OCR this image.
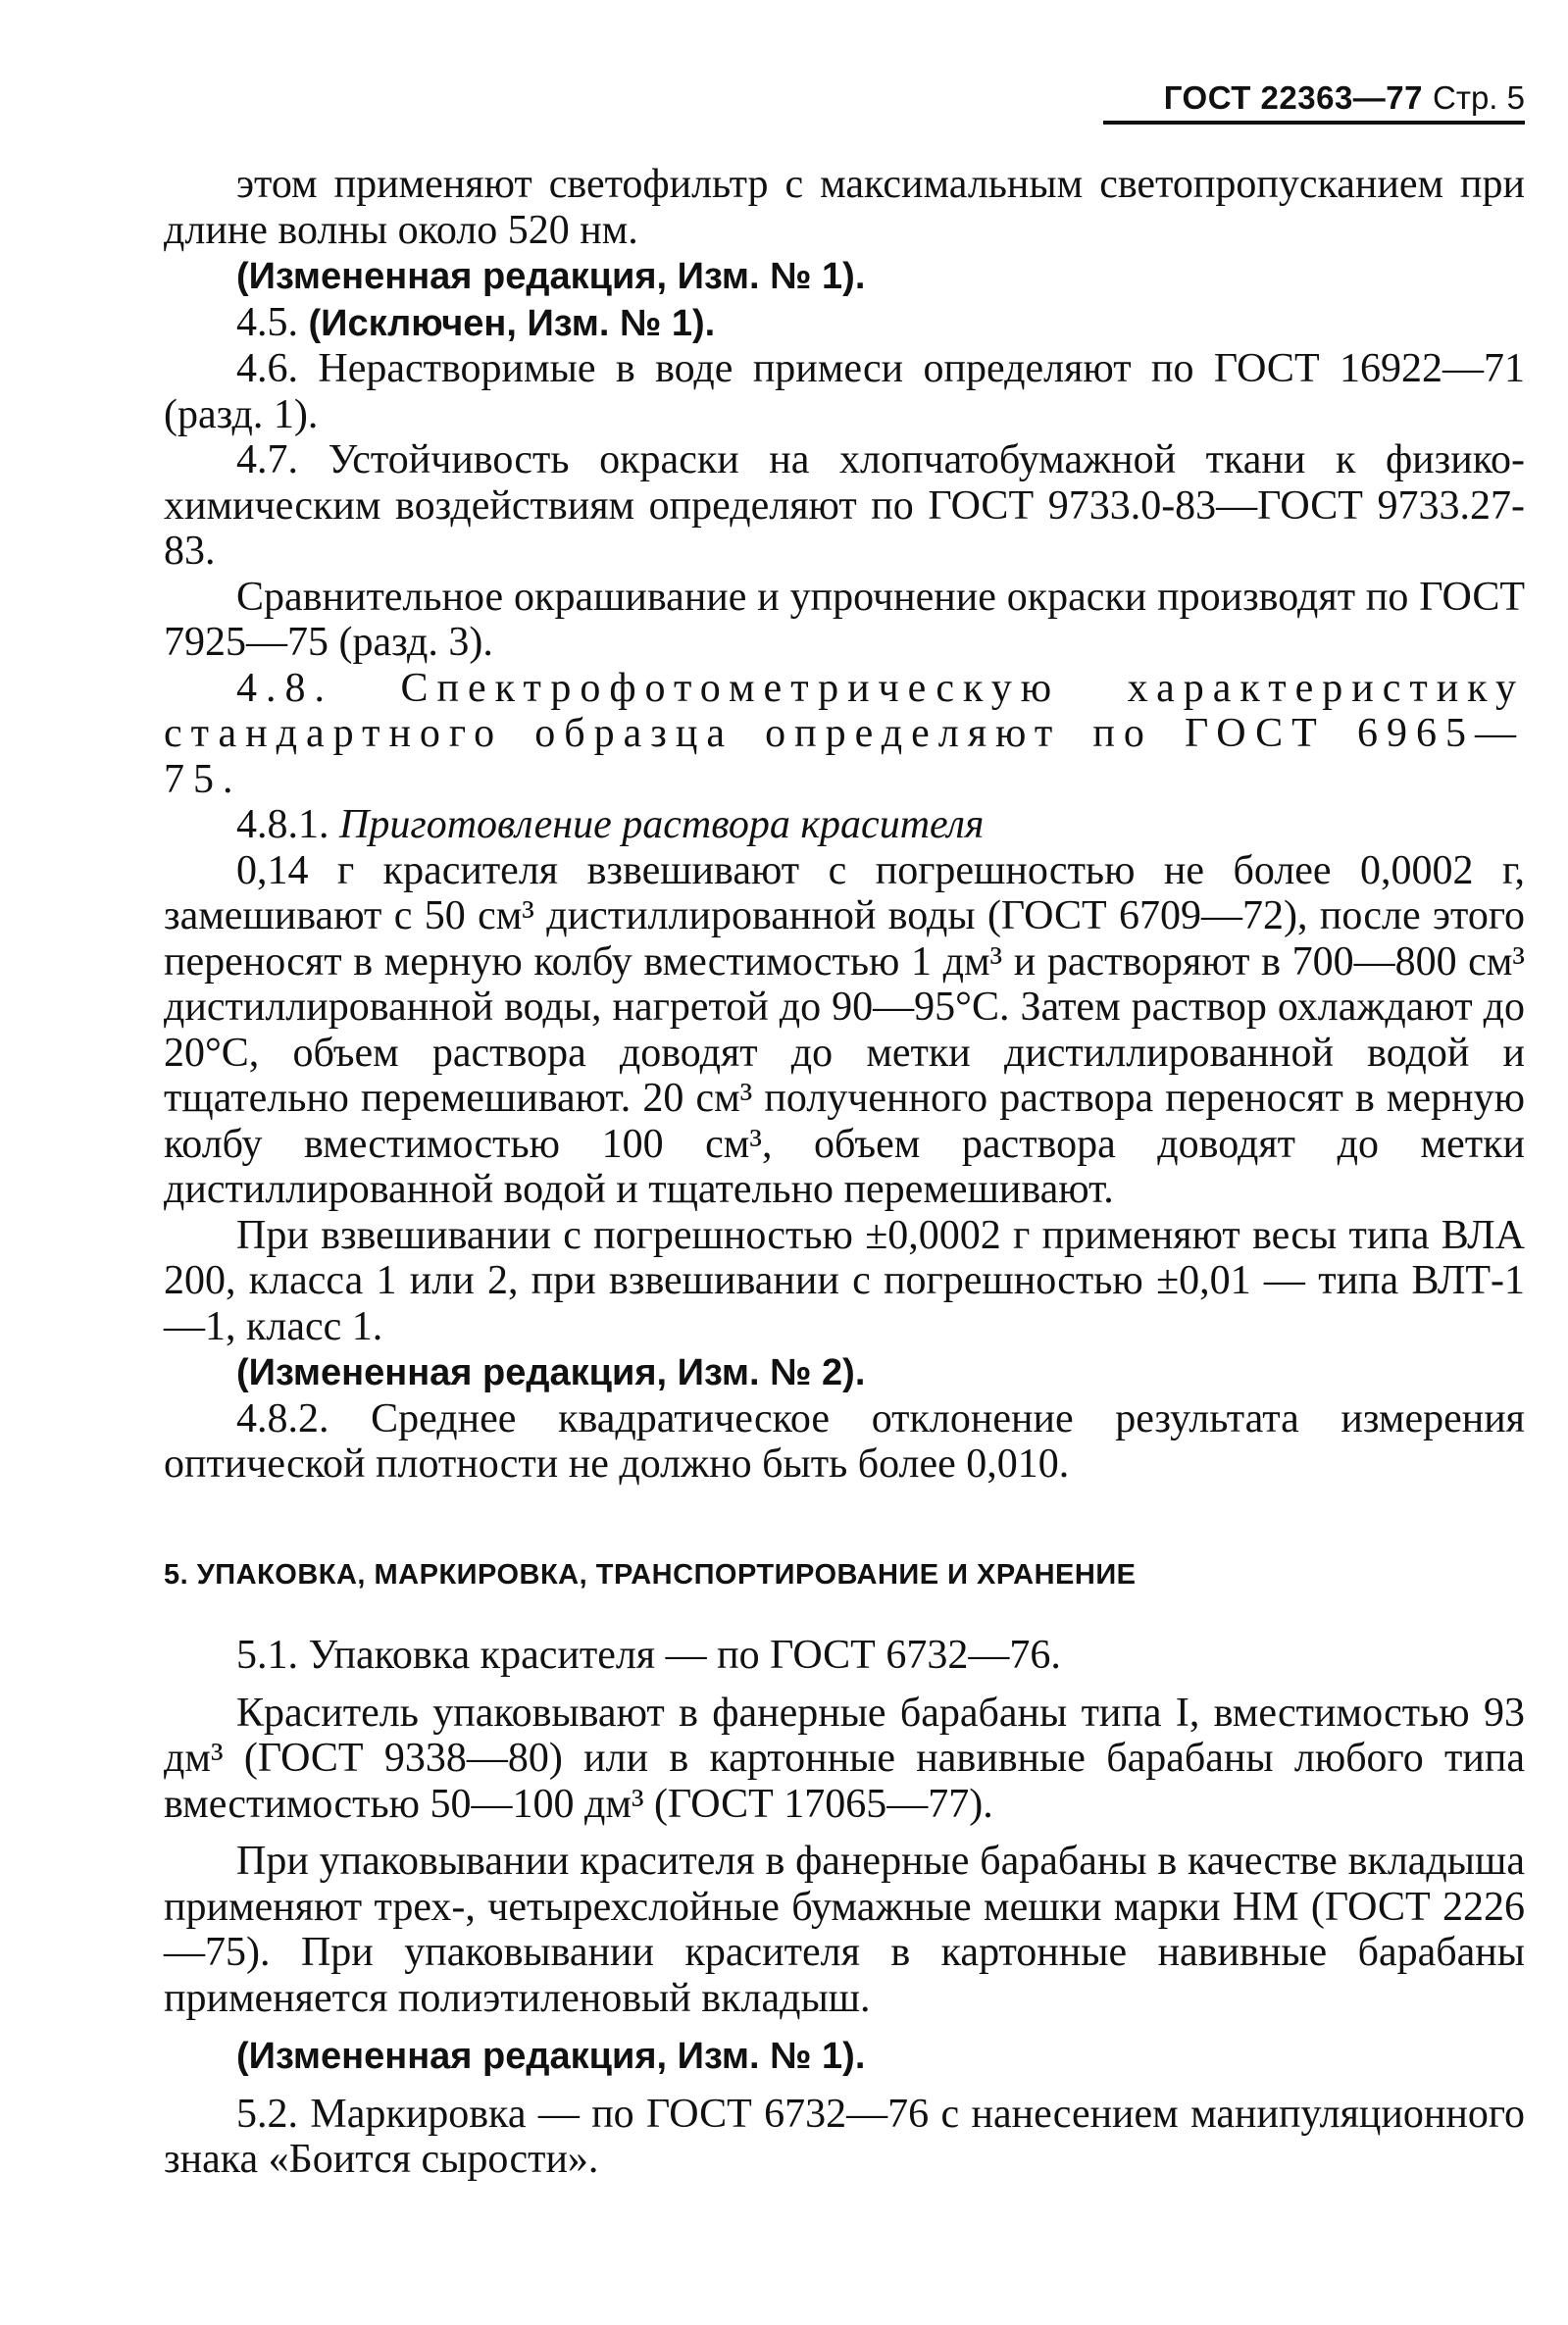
ГОСТ 22363—77 Стр. 5

этом применяют светофильтр с максимальным светопропусканием при длине волны около 520 нм.

(Измененная редакция, Изм. № 1).

4.5. (Исключен, Изм. № 1).

4.6. Нерастворимые в воде примеси определяют по ГОСТ 16922—71 (разд. 1).

4.7. Устойчивость окраски на хлопчатобумажной ткани к физико-химическим воздействиям определяют по ГОСТ 9733.0-83—ГОСТ 9733.27-83.

Сравнительное окрашивание и упрочнение окраски производят по ГОСТ 7925—75 (разд. 3).

4.8. Спектрофотометрическую характеристику стандартного образца определяют по ГОСТ 6965—75.

4.8.1. Приготовление раствора красителя

0,14 г красителя взвешивают с погрешностью не более 0,0002 г, замешивают с 50 см³ дистиллированной воды (ГОСТ 6709—72), после этого переносят в мерную колбу вместимостью 1 дм³ и растворяют в 700—800 см³ дистиллированной воды, нагретой до 90—95°С. Затем раствор охлаждают до 20°С, объем раствора доводят до метки дистиллированной водой и тщательно перемешивают. 20 см³ полученного раствора переносят в мерную колбу вместимостью 100 см³, объем раствора доводят до метки дистиллированной водой и тщательно перемешивают.

При взвешивании с погрешностью ±0,0002 г применяют весы типа ВЛА 200, класса 1 или 2, при взвешивании с погрешностью ±0,01 — типа ВЛТ-1—1, класс 1.

(Измененная редакция, Изм. № 2).

4.8.2. Среднее квадратическое отклонение результата измерения оптической плотности не должно быть более 0,010.

5. УПАКОВКА, МАРКИРОВКА, ТРАНСПОРТИРОВАНИЕ И ХРАНЕНИЕ

5.1. Упаковка красителя — по ГОСТ 6732—76.

Краситель упаковывают в фанерные барабаны типа I, вместимостью 93 дм³ (ГОСТ 9338—80) или в картонные навивные барабаны любого типа вместимостью 50—100 дм³ (ГОСТ 17065—77).

При упаковывании красителя в фанерные барабаны в качестве вкладыша применяют трех-, четырехслойные бумажные мешки марки НМ (ГОСТ 2226—75). При упаковывании красителя в картонные навивные барабаны применяется полиэтиленовый вкладыш.

(Измененная редакция, Изм. № 1).

5.2. Маркировка — по ГОСТ 6732—76 с нанесением манипуляционного знака «Боится сырости».
